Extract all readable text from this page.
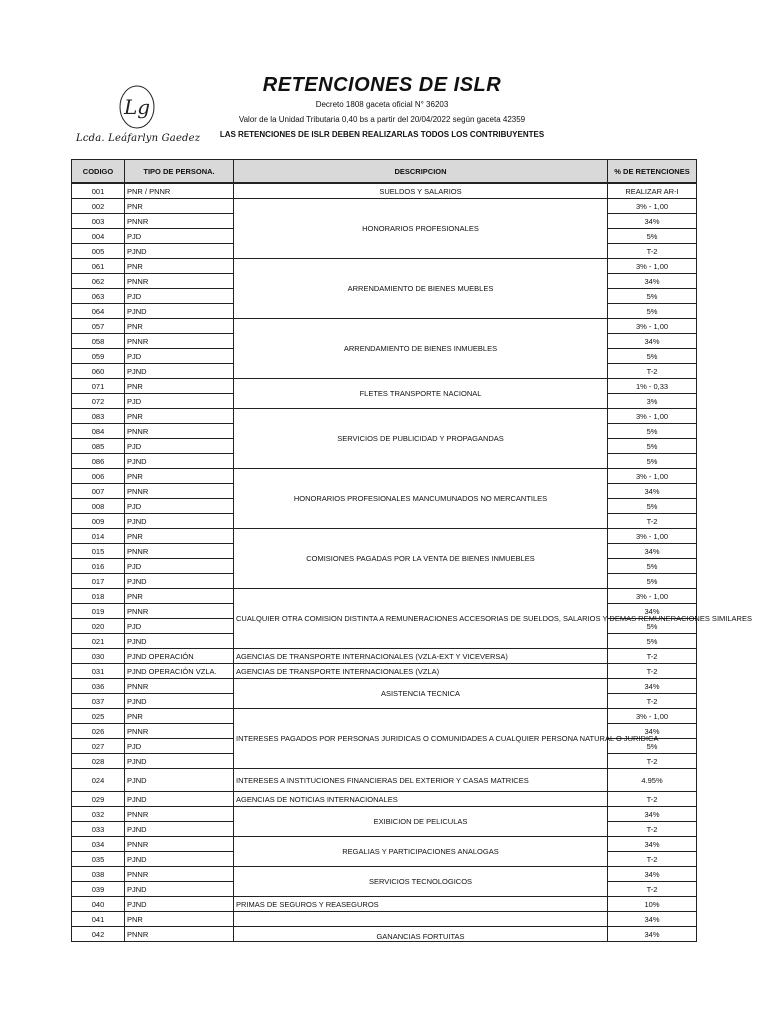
Lg
Lcda. Leáfarlyn Gaedez
RETENCIONES DE ISLR
Decreto 1808 gaceta oficial N° 36203
Valor de la Unidad Tributaria 0,40 bs a partir del 20/04/2022 según gaceta 42359
LAS RETENCIONES DE ISLR DEBEN REALIZARLAS TODOS LOS CONTRIBUYENTES
CODIGO	TIPO DE PERSONA.	DESCRIPCION	% DE RETENCIONES
001	PNR / PNNR	SUELDOS Y SALARIOS	REALIZAR AR-I
002	PNR	HONORARIOS PROFESIONALES	3% - 1,00
003	PNNR		34%
004	PJD		5%
005	PJND		T-2
061	PNR	ARRENDAMIENTO DE BIENES MUEBLES	3% - 1,00
062	PNNR		34%
063	PJD		5%
064	PJND		5%
057	PNR	ARRENDAMIENTO DE BIENES INMUEBLES	3% - 1,00
058	PNNR		34%
059	PJD		5%
060	PJND		T-2
071	PNR	FLETES TRANSPORTE NACIONAL	1% - 0,33
072	PJD		3%
083	PNR	SERVICIOS DE PUBLICIDAD Y PROPAGANDAS	3% - 1,00
084	PNNR		5%
085	PJD		5%
086	PJND		5%
006	PNR	HONORARIOS PROFESIONALES MANCUMUNADOS NO MERCANTILES	3% - 1,00
007	PNNR		34%
008	PJD		5%
009	PJND		T-2
014	PNR	COMISIONES PAGADAS POR LA VENTA DE BIENES INMUEBLES	3% - 1,00
015	PNNR		34%
016	PJD		5%
017	PJND		5%
018	PNR	CUALQUIER OTRA COMISION DISTINTA A REMUNERACIONES ACCESORIAS DE SUELDOS, SALARIOS Y DEMAS REMUNERACIONES SIMILARES	3% - 1,00
019	PNNR		34%
020	PJD		5%
021	PJND		5%
030	PJND OPERACIÓN	AGENCIAS DE TRANSPORTE INTERNACIONALES (VZLA-EXT Y VICEVERSA)	T-2
031	PJND OPERACIÓN VZLA.	AGENCIAS DE TRANSPORTE INTERNACIONALES (VZLA)	T-2
036	PNNR	ASISTENCIA TECNICA	34%
037	PJND		T-2
025	PNR	INTERESES PAGADOS POR PERSONAS JURIDICAS O COMUNIDADES A CUALQUIER PERSONA NATURAL O JURIDICA	3% - 1,00
026	PNNR		34%
027	PJD		5%
028	PJND		T-2
024	PJND	INTERESES A INSTITUCIONES FINANCIERAS DEL EXTERIOR Y CASAS MATRICES	4.95%
029	PJND	AGENCIAS DE NOTICIAS INTERNACIONALES	T-2
032	PNNR	EXIBICION DE PELICULAS	34%
033	PJND		T-2
034	PNNR	REGALIAS Y PARTICIPACIONES ANALOGAS	34%
035	PJND		T-2
038	PNNR	SERVICIOS TECNOLOGICOS	34%
039	PJND		T-2
040	PJND	PRIMAS DE SEGUROS Y REASEGUROS	10%
041	PNR		34%
042	PNNR	GANANCIAS FORTUITAS	34%
